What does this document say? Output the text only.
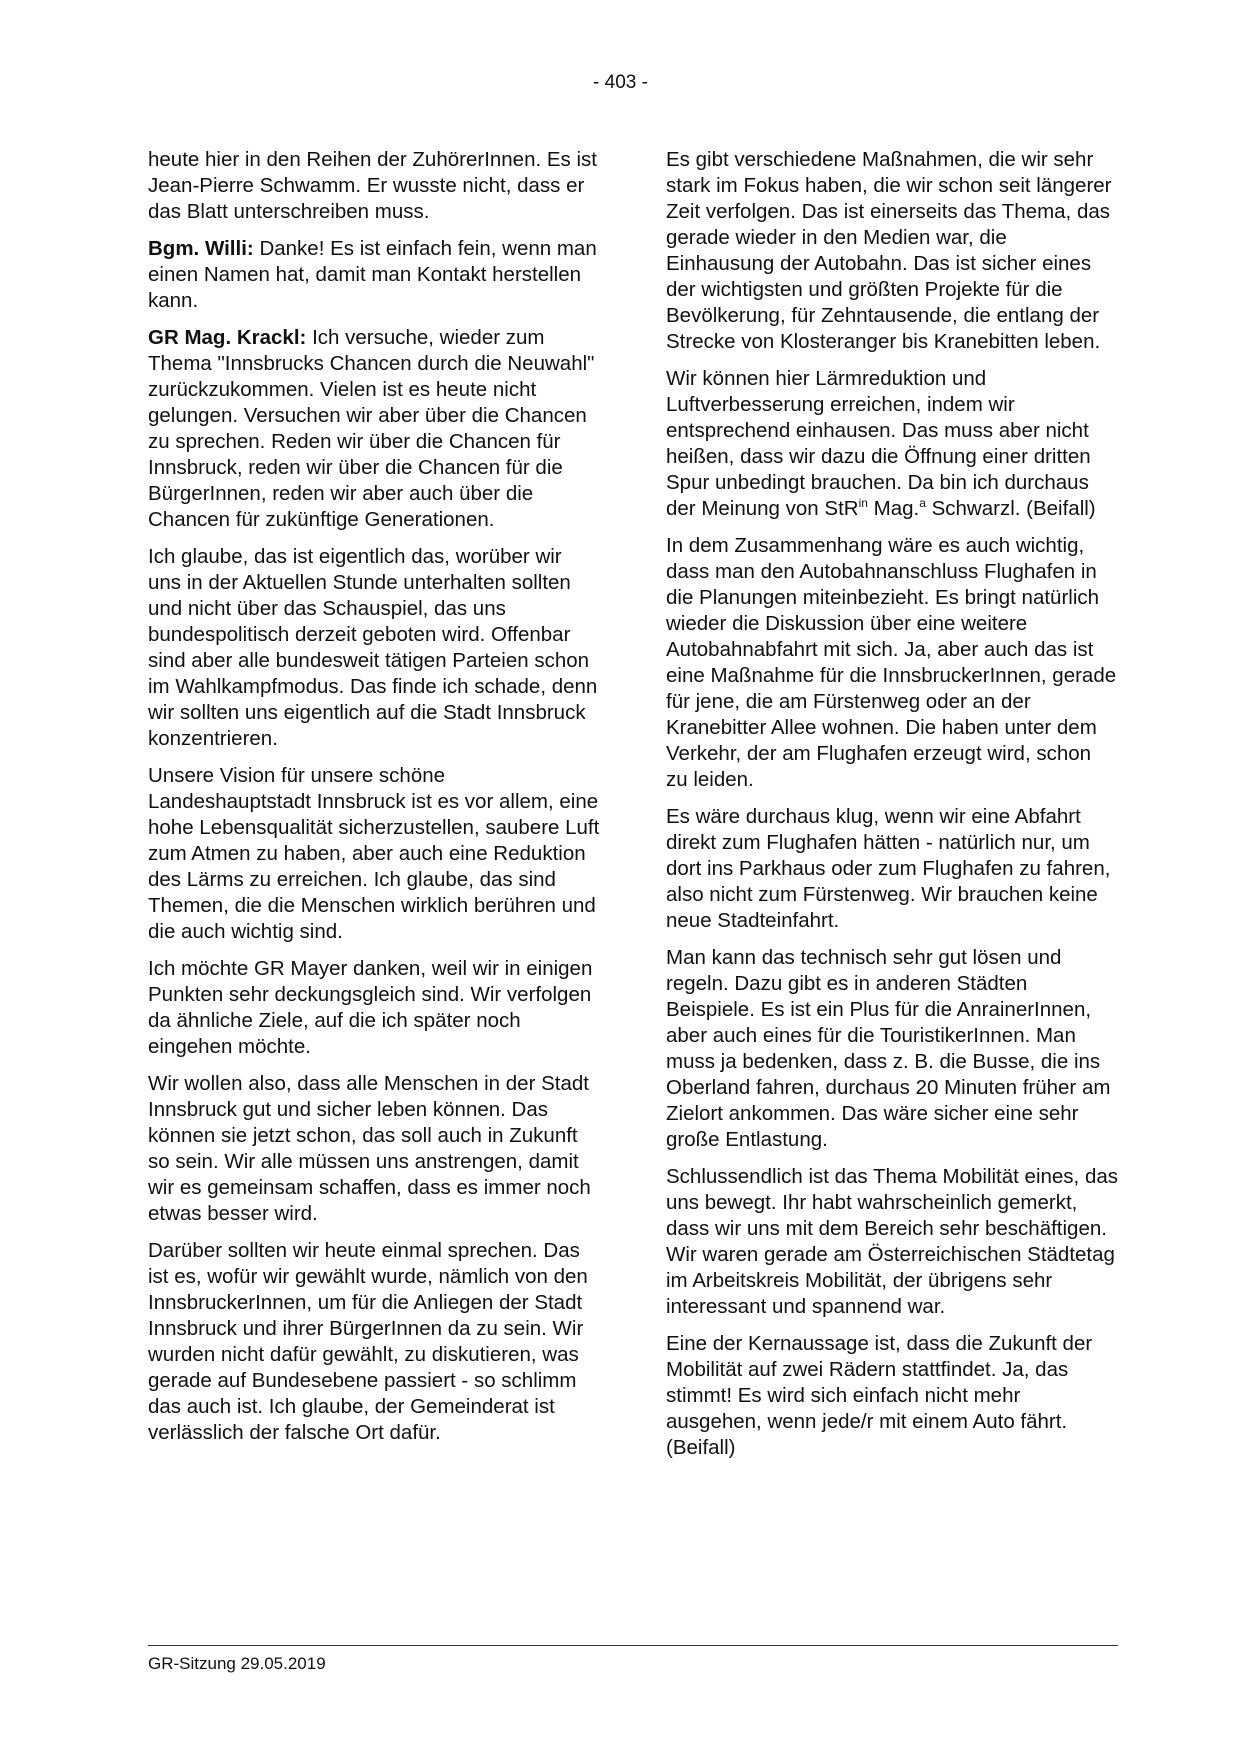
- 403 -

heute hier in den Reihen der ZuhörerInnen. Es ist Jean-Pierre Schwamm. Er wusste nicht, dass er das Blatt unterschreiben muss.

Bgm. Willi: Danke! Es ist einfach fein, wenn man einen Namen hat, damit man Kontakt herstellen kann.

GR Mag. Krackl: Ich versuche, wieder zum Thema "Innsbrucks Chancen durch die Neuwahl" zurückzukommen. Vielen ist es heute nicht gelungen. Versuchen wir aber über die Chancen zu sprechen. Reden wir über die Chancen für Innsbruck, reden wir über die Chancen für die BürgerInnen, reden wir aber auch über die Chancen für zukünftige Generationen.

Ich glaube, das ist eigentlich das, worüber wir uns in der Aktuellen Stunde unterhalten sollten und nicht über das Schauspiel, das uns bundespolitisch derzeit geboten wird. Offenbar sind aber alle bundesweit tätigen Parteien schon im Wahlkampfmodus. Das finde ich schade, denn wir sollten uns eigentlich auf die Stadt Innsbruck konzentrieren.

Unsere Vision für unsere schöne Landeshauptstadt Innsbruck ist es vor allem, eine hohe Lebensqualität sicherzustellen, saubere Luft zum Atmen zu haben, aber auch eine Reduktion des Lärms zu erreichen. Ich glaube, das sind Themen, die die Menschen wirklich berühren und die auch wichtig sind.

Ich möchte GR Mayer danken, weil wir in einigen Punkten sehr deckungsgleich sind. Wir verfolgen da ähnliche Ziele, auf die ich später noch eingehen möchte.

Wir wollen also, dass alle Menschen in der Stadt Innsbruck gut und sicher leben können. Das können sie jetzt schon, das soll auch in Zukunft so sein. Wir alle müssen uns anstrengen, damit wir es gemeinsam schaffen, dass es immer noch etwas besser wird.

Darüber sollten wir heute einmal sprechen. Das ist es, wofür wir gewählt wurde, nämlich von den InnsbruckerInnen, um für die Anliegen der Stadt Innsbruck und ihrer BürgerInnen da zu sein. Wir wurden nicht dafür gewählt, zu diskutieren, was gerade auf Bundesebene passiert - so schlimm das auch ist. Ich glaube, der Gemeinderat ist verlässlich der falsche Ort dafür.

Es gibt verschiedene Maßnahmen, die wir sehr stark im Fokus haben, die wir schon seit längerer Zeit verfolgen. Das ist einerseits das Thema, das gerade wieder in den Medien war, die Einhausung der Autobahn. Das ist sicher eines der wichtigsten und größten Projekte für die Bevölkerung, für Zehntausende, die entlang der Strecke von Klosteranger bis Kranebitten leben.

Wir können hier Lärmreduktion und Luftverbesserung erreichen, indem wir entsprechend einhausen. Das muss aber nicht heißen, dass wir dazu die Öffnung einer dritten Spur unbedingt brauchen. Da bin ich durchaus der Meinung von StR$^{in}$ Mag.$^a$ Schwarzl. (Beifall)

In dem Zusammenhang wäre es auch wichtig, dass man den Autobahnanschluss Flughafen in die Planungen miteinbezieht. Es bringt natürlich wieder die Diskussion über eine weitere Autobahnabfahrt mit sich. Ja, aber auch das ist eine Maßnahme für die InnsbruckerInnen, gerade für jene, die am Fürstenweg oder an der Kranebitter Allee wohnen. Die haben unter dem Verkehr, der am Flughafen erzeugt wird, schon zu leiden.

Es wäre durchaus klug, wenn wir eine Abfahrt direkt zum Flughafen hätten - natürlich nur, um dort ins Parkhaus oder zum Flughafen zu fahren, also nicht zum Fürstenweg. Wir brauchen keine neue Stadteinfahrt.

Man kann das technisch sehr gut lösen und regeln. Dazu gibt es in anderen Städten Beispiele. Es ist ein Plus für die AnrainerInnen, aber auch eines für die TouristikerInnen. Man muss ja bedenken, dass z. B. die Busse, die ins Oberland fahren, durchaus 20 Minuten früher am Zielort ankommen. Das wäre sicher eine sehr große Entlastung.

Schlussendlich ist das Thema Mobilität eines, das uns bewegt. Ihr habt wahrscheinlich gemerkt, dass wir uns mit dem Bereich sehr beschäftigen. Wir waren gerade am Österreichischen Städtetag im Arbeitskreis Mobilität, der übrigens sehr interessant und spannend war.

Eine der Kernaussage ist, dass die Zukunft der Mobilität auf zwei Rädern stattfindet. Ja, das stimmt! Es wird sich einfach nicht mehr ausgehen, wenn jede/r mit einem Auto fährt. (Beifall)

GR-Sitzung 29.05.2019
